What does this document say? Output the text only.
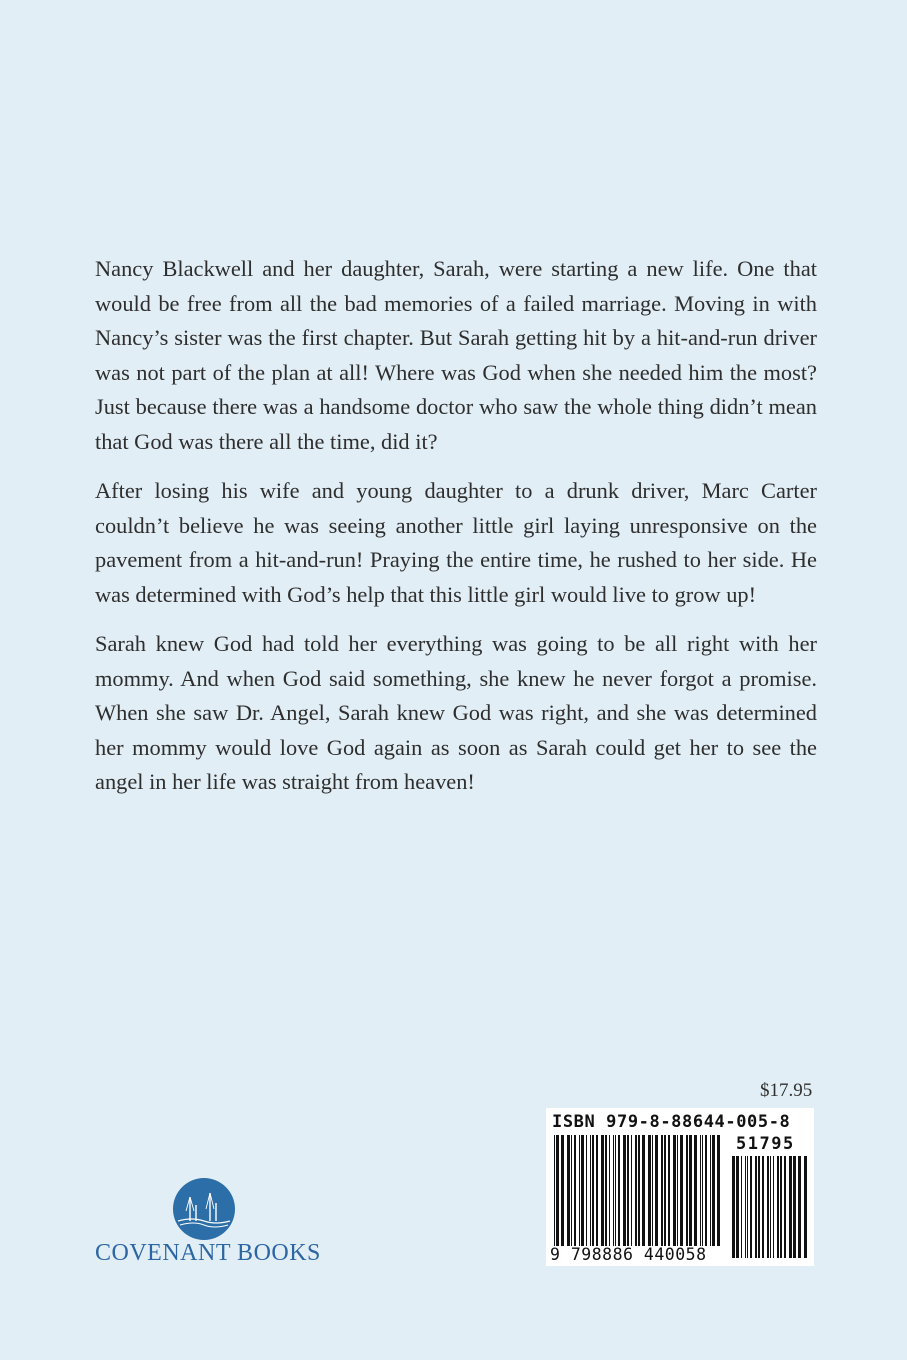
Nancy Blackwell and her daughter, Sarah, were starting a new life. One that would be free from all the bad memories of a failed marriage. Moving in with Nancy’s sister was the first chapter. But Sarah getting hit by a hit-and-run driver was not part of the plan at all! Where was God when she needed him the most? Just because there was a handsome doctor who saw the whole thing didn’t mean that God was there all the time, did it?

After losing his wife and young daughter to a drunk driver, Marc Carter couldn’t believe he was seeing another little girl laying unresponsive on the pavement from a hit-and-run! Praying the entire time, he rushed to her side. He was determined with God’s help that this little girl would live to grow up!

Sarah knew God had told her everything was going to be all right with her mommy. And when God said something, she knew he never forgot a promise. When she saw Dr. Angel, Sarah knew God was right, and she was determined her mommy would love God again as soon as Sarah could get her to see the angel in her life was straight from heaven!

$17.95
ISBN 979-8-88644-005-8
51795
9 798886 440058
COVENANT BOOKS
